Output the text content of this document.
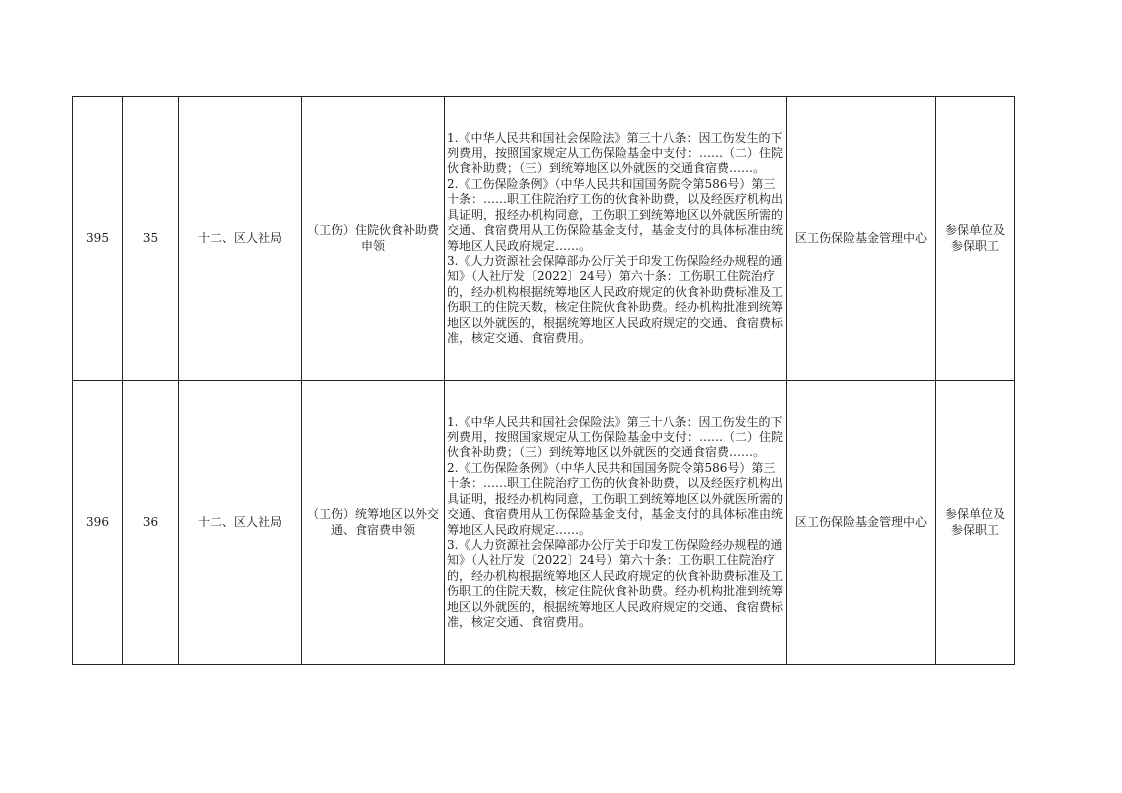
395	35	十二、区人社局	（工伤）住院伙食补助费申领	1.《中华人民共和国社会保险法》第三十八条：因工伤发生的下列费用，按照国家规定从工伤保险基金中支付：……（二）住院伙食补助费；（三）到统筹地区以外就医的交通食宿费……。
2.《工伤保险条例》（中华人民共和国国务院令第586号）第三十条：……职工住院治疗工伤的伙食补助费，以及经医疗机构出具证明，报经办机构同意，工伤职工到统筹地区以外就医所需的交通、食宿费用从工伤保险基金支付，基金支付的具体标准由统筹地区人民政府规定……。
3.《人力资源社会保障部办公厅关于印发工伤保险经办规程的通知》（人社厅发〔2022〕24号）第六十条：工伤职工住院治疗的，经办机构根据统筹地区人民政府规定的伙食补助费标准及工伤职工的住院天数，核定住院伙食补助费。经办机构批准到统筹地区以外就医的，根据统筹地区人民政府规定的交通、食宿费标准，核定交通、食宿费用。	区工伤保险基金管理中心	参保单位及参保职工
396	36	十二、区人社局	（工伤）统筹地区以外交通、食宿费申领	1.《中华人民共和国社会保险法》第三十八条：因工伤发生的下列费用，按照国家规定从工伤保险基金中支付：……（二）住院伙食补助费；（三）到统筹地区以外就医的交通食宿费……。
2.《工伤保险条例》（中华人民共和国国务院令第586号）第三十条：……职工住院治疗工伤的伙食补助费，以及经医疗机构出具证明，报经办机构同意，工伤职工到统筹地区以外就医所需的交通、食宿费用从工伤保险基金支付，基金支付的具体标准由统筹地区人民政府规定……。
3.《人力资源社会保障部办公厅关于印发工伤保险经办规程的通知》（人社厅发〔2022〕24号）第六十条：工伤职工住院治疗的，经办机构根据统筹地区人民政府规定的伙食补助费标准及工伤职工的住院天数，核定住院伙食补助费。经办机构批准到统筹地区以外就医的，根据统筹地区人民政府规定的交通、食宿费标准，核定交通、食宿费用。	区工伤保险基金管理中心	参保单位及参保职工
